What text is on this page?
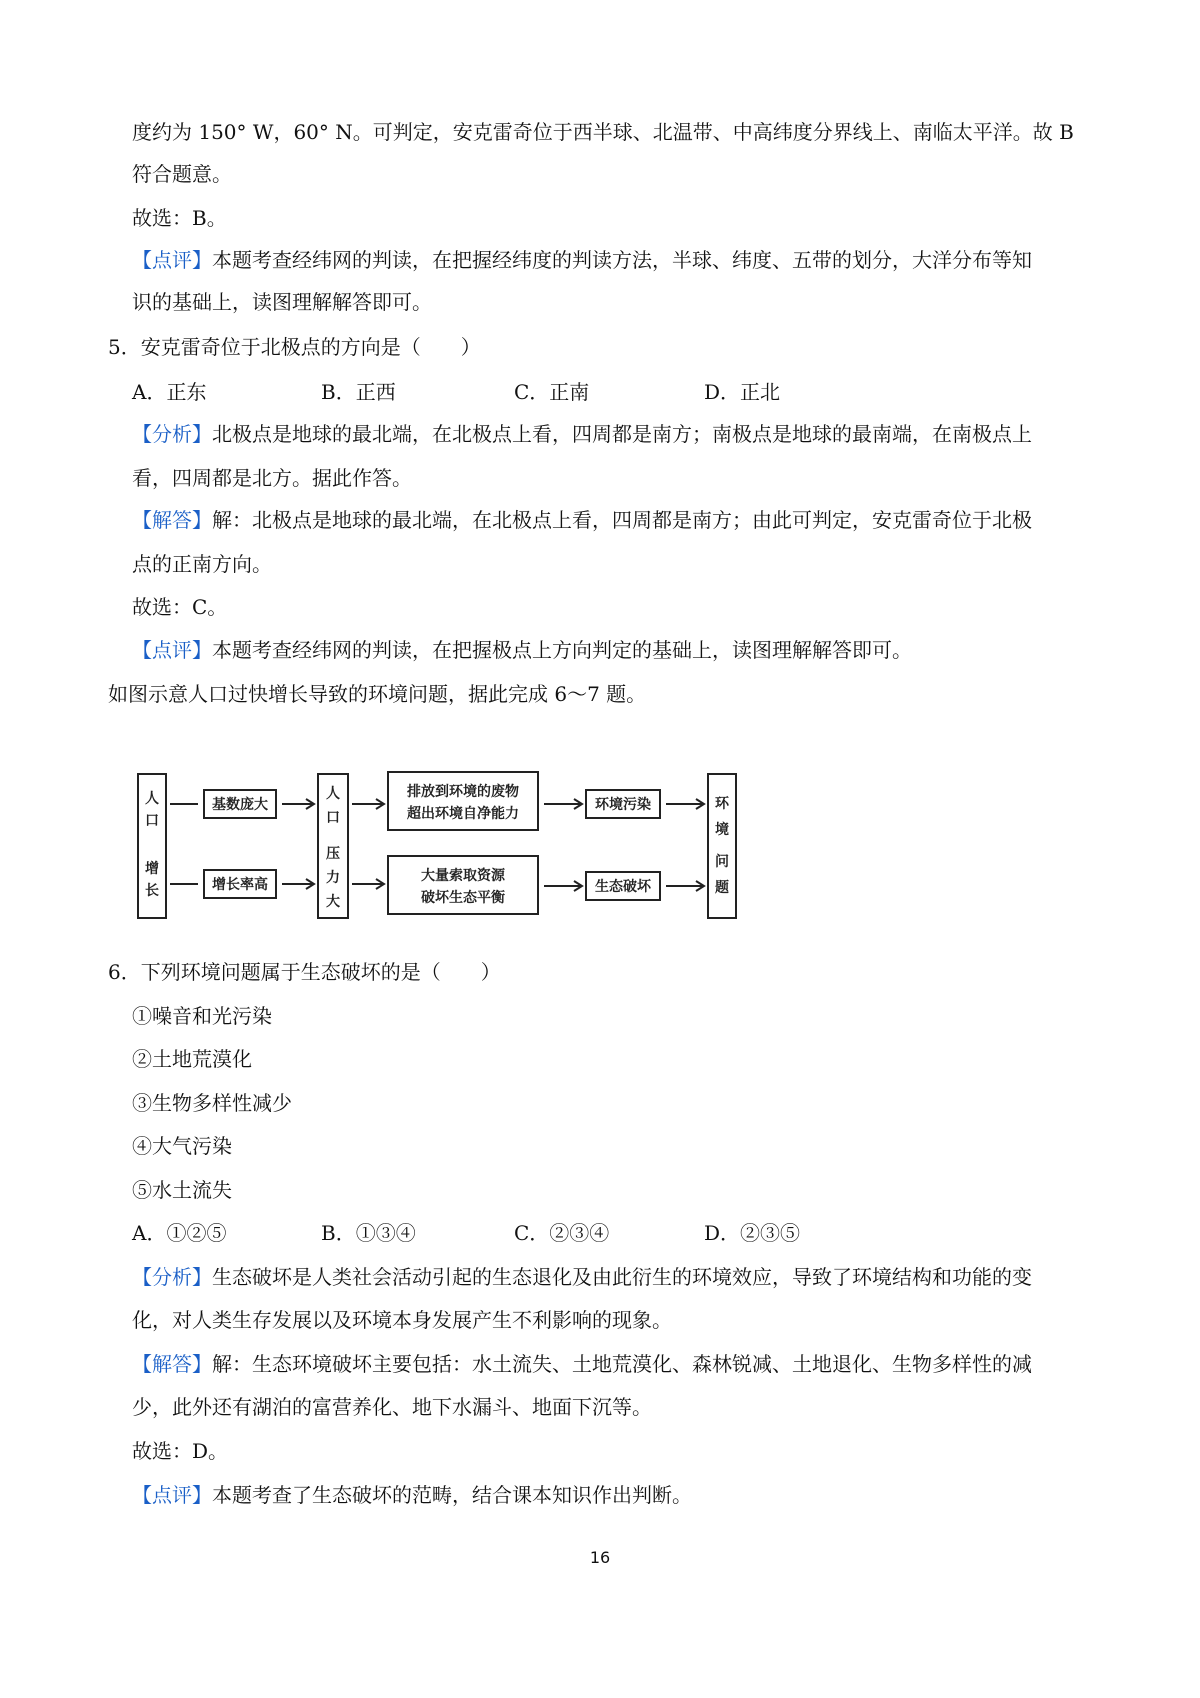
度约为 150° W，60° N。可判定，安克雷奇位于西半球、北温带、中高纬度分界线上、南临太平洋。故 B
符合题意。
故选：B。
【点评】本题考查经纬网的判读，在把握经纬度的判读方法，半球、纬度、五带的划分，大洋分布等知
识的基础上，读图理解解答即可。
5．安克雷奇位于北极点的方向是（　　）
A．正东	B．正西	C．正南	D．正北
【分析】北极点是地球的最北端，在北极点上看，四周都是南方；南极点是地球的最南端，在南极点上
看，四周都是北方。据此作答。
【解答】解：北极点是地球的最北端，在北极点上看，四周都是南方；由此可判定，安克雷奇位于北极
点的正南方向。
故选：C。
【点评】本题考查经纬网的判读，在把握极点上方向判定的基础上，读图理解解答即可。
如图示意人口过快增长导致的环境问题，据此完成 6～7 题。
人
口
增
长
基数庞大
增长率高
人
口
压
力
大
排放到环境的废物
超出环境自净能力
大量索取资源
破坏生态平衡
环境污染
生态破坏
环
境
问
题
6．下列环境问题属于生态破坏的是（　　）
①噪音和光污染
②土地荒漠化
③生物多样性减少
④大气污染
⑤水土流失
A．①②⑤	B．①③④	C．②③④	D．②③⑤
【分析】生态破坏是人类社会活动引起的生态退化及由此衍生的环境效应，导致了环境结构和功能的变
化，对人类生存发展以及环境本身发展产生不利影响的现象。
【解答】解：生态环境破坏主要包括：水土流失、土地荒漠化、森林锐减、土地退化、生物多样性的减
少，此外还有湖泊的富营养化、地下水漏斗、地面下沉等。
故选：D。
【点评】本题考查了生态破坏的范畴，结合课本知识作出判断。
16
